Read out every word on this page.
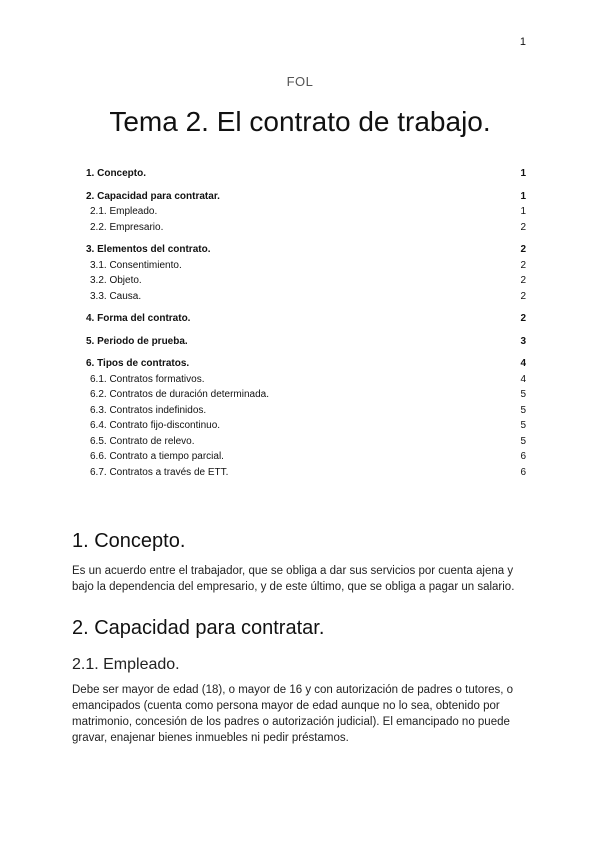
1
FOL
Tema 2. El contrato de trabajo.
1. Concepto.	1
2. Capacidad para contratar.	1
2.1. Empleado.	1
2.2. Empresario.	2
3. Elementos del contrato.	2
3.1. Consentimiento.	2
3.2. Objeto.	2
3.3. Causa.	2
4. Forma del contrato.	2
5. Periodo de prueba.	3
6. Tipos de contratos.	4
6.1. Contratos formativos.	4
6.2. Contratos de duración determinada.	5
6.3. Contratos indefinidos.	5
6.4. Contrato fijo-discontinuo.	5
6.5. Contrato de relevo.	5
6.6. Contrato a tiempo parcial.	6
6.7. Contratos a través de ETT.	6
1. Concepto.

Es un acuerdo entre el trabajador, que se obliga a dar sus servicios por cuenta ajena y bajo la dependencia del empresario, y de este último, que se obliga a pagar un salario.

2. Capacidad para contratar.
2.1. Empleado.

Debe ser mayor de edad (18), o mayor de 16 y con autorización de padres o tutores, o emancipados (cuenta como persona mayor de edad aunque no lo sea, obtenido por matrimonio, concesión de los padres o autorización judicial). El emancipado no puede gravar, enajenar bienes inmuebles ni pedir préstamos.
